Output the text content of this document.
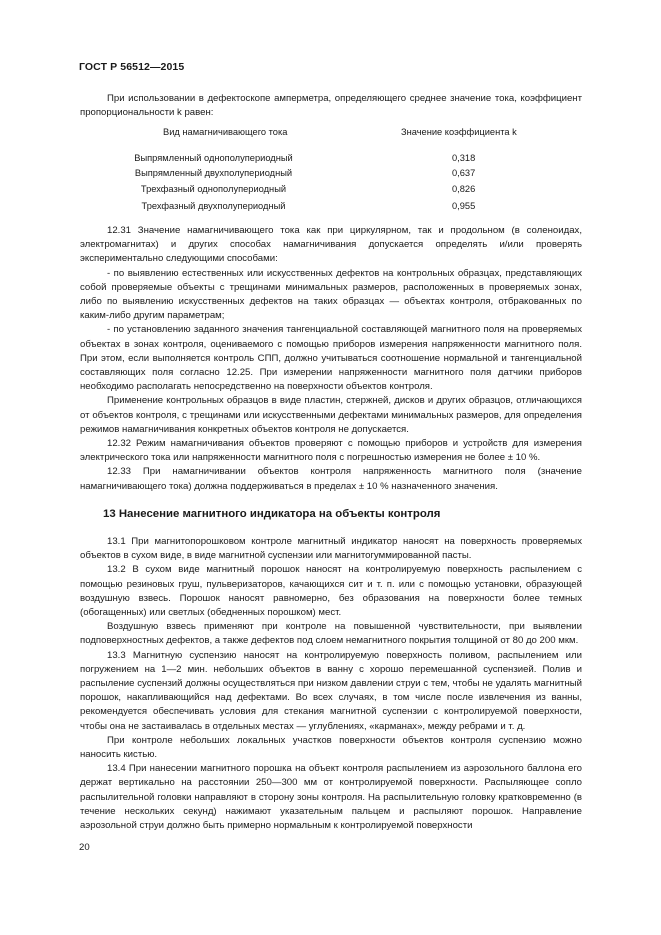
ГОСТ Р 56512—2015

При использовании в дефектоскопе амперметра, определяющего среднее значение тока, коэффициент пропорциональности k равен:

Вид намагничивающего тока	Значение коэффициента k
Выпрямленный однополупериодный	0,318
Выпрямленный двухполупериодный	0,637
Трехфазный однополупериодный	0,826
Трехфазный двухполупериодный	0,955

12.31 Значение намагничивающего тока как при циркулярном, так и продольном (в соленоидах, электромагнитах) и других способах намагничивания допускается определять и/или проверять экспериментально следующими способами:

- по выявлению естественных или искусственных дефектов на контрольных образцах, представляющих собой проверяемые объекты с трещинами минимальных размеров, расположенных в проверяемых зонах, либо по выявлению искусственных дефектов на таких образцах — объектах контроля, отбракованных по каким-либо другим параметрам;

- по установлению заданного значения тангенциальной составляющей магнитного поля на проверяемых объектах в зонах контроля, оцениваемого с помощью приборов измерения напряженности магнитного поля. При этом, если выполняется контроль СПП, должно учитываться соотношение нормальной и тангенциальной составляющих поля согласно 12.25. При измерении напряженности магнитного поля датчики приборов необходимо располагать непосредственно на поверхности объектов контроля.

Применение контрольных образцов в виде пластин, стержней, дисков и других образцов, отличающихся от объектов контроля, с трещинами или искусственными дефектами минимальных размеров, для определения режимов намагничивания конкретных объектов контроля не допускается.

12.32 Режим намагничивания объектов проверяют с помощью приборов и устройств для измерения электрического тока или напряженности магнитного поля с погрешностью измерения не более ± 10 %.

12.33 При намагничивании объектов контроля напряженность магнитного поля (значение намагничивающего тока) должна поддерживаться в пределах ± 10 % назначенного значения.

13 Нанесение магнитного индикатора на объекты контроля

13.1 При магнитопорошковом контроле магнитный индикатор наносят на поверхность проверяемых объектов в сухом виде, в виде магнитной суспензии или магнитогуммированной пасты.

13.2 В сухом виде магнитный порошок наносят на контролируемую поверхность распылением с помощью резиновых груш, пульверизаторов, качающихся сит и т. п. или с помощью установки, образующей воздушную взвесь. Порошок наносят равномерно, без образования на поверхности более темных (обогащенных) или светлых (обедненных порошком) мест.

Воздушную взвесь применяют при контроле на повышенной чувствительности, при выявлении подповерхностных дефектов, а также дефектов под слоем немагнитного покрытия толщиной от 80 до 200 мкм.

13.3 Магнитную суспензию наносят на контролируемую поверхность поливом, распылением или погружением на 1—2 мин. небольших объектов в ванну с хорошо перемешанной суспензией. Полив и распыление суспензий должны осуществляться при низком давлении струи с тем, чтобы не удалять магнитный порошок, накапливающийся над дефектами. Во всех случаях, в том числе после извлечения из ванны, рекомендуется обеспечивать условия для стекания магнитной суспензии с контролируемой поверхности, чтобы она не застаивалась в отдельных местах — углублениях, «карманах», между ребрами и т. д.

При контроле небольших локальных участков поверхности объектов контроля суспензию можно наносить кистью.

13.4 При нанесении магнитного порошка на объект контроля распылением из аэрозольного баллона его держат вертикально на расстоянии 250—300 мм от контролируемой поверхности. Распыляющее сопло распылительной головки направляют в сторону зоны контроля. На распылительную головку кратковременно (в течение нескольких секунд) нажимают указательным пальцем и распыляют порошок. Направление аэрозольной струи должно быть примерно нормальным к контролируемой поверхности

20
